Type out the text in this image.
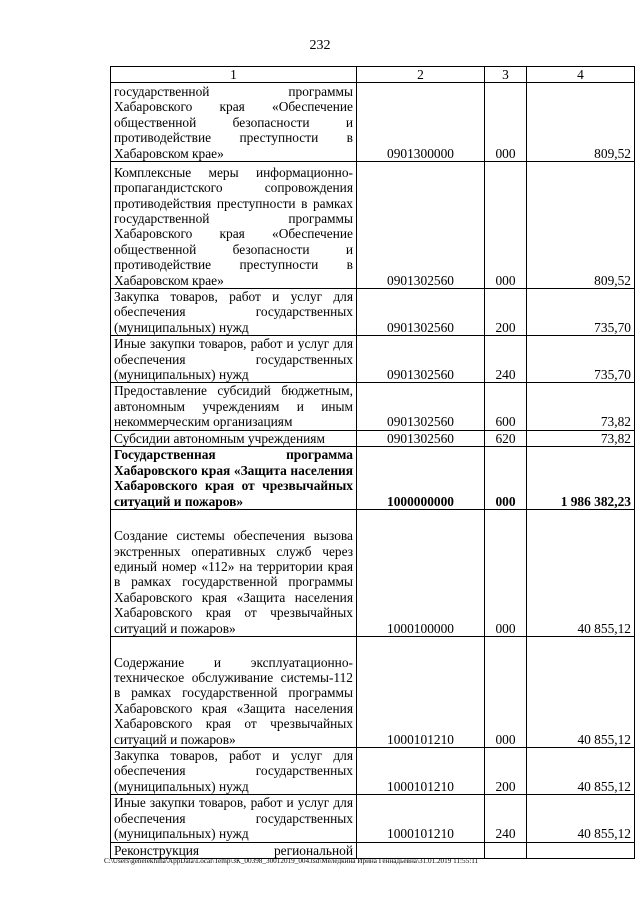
232
1	2	3	4

государственной программы Хабаровского края «Обеспечение общественной безопасности и противодействие преступности в Хабаровском крае»	0901300000	000	809,52

Комплексные меры информационно-пропагандистского сопровождения противодействия преступности в рамках государственной программы Хабаровского края «Обеспечение общественной безопасности и противодействие преступности в Хабаровском крае»	0901302560	000	809,52

Закупка товаров, работ и услуг для обеспечения государственных (муниципальных) нужд	0901302560	200	735,70

Иные закупки товаров, работ и услуг для обеспечения государственных (муниципальных) нужд	0901302560	240	735,70

Предоставление субсидий бюджетным, автономным учреждениям и иным некоммерческим организациям	0901302560	600	73,82

Субсидии автономным учреждениям	0901302560	620	73,82

Государственная программа Хабаровского края «Защита населения Хабаровского края от чрезвычайных ситуаций и пожаров»	1000000000	000	1 986 382,23

Создание системы обеспечения вызова экстренных оперативных служб через единый номер «112» на территории края в рамках государственной программы Хабаровского края «Защита населения Хабаровского края от чрезвычайных ситуаций и пожаров»	1000100000	000	40 855,12

Содержание и эксплуатационно-техническое обслуживание системы-112 в рамках государственной программы Хабаровского края «Защита населения Хабаровского края от чрезвычайных ситуаций и пожаров»	1000101210	000	40 855,12

Закупка товаров, работ и услуг для обеспечения государственных (муниципальных) нужд	1000101210	200	40 855,12

Иные закупки товаров, работ и услуг для обеспечения государственных (муниципальных) нужд	1000101210	240	40 855,12

Реконструкция региональной			

C:\Users\genelekhina\AppData\Local\Temp\ЗК_00398_30012019_004.tsd\Меледкина Ирина Геннадьевна\31.01.2019 11:55:11
